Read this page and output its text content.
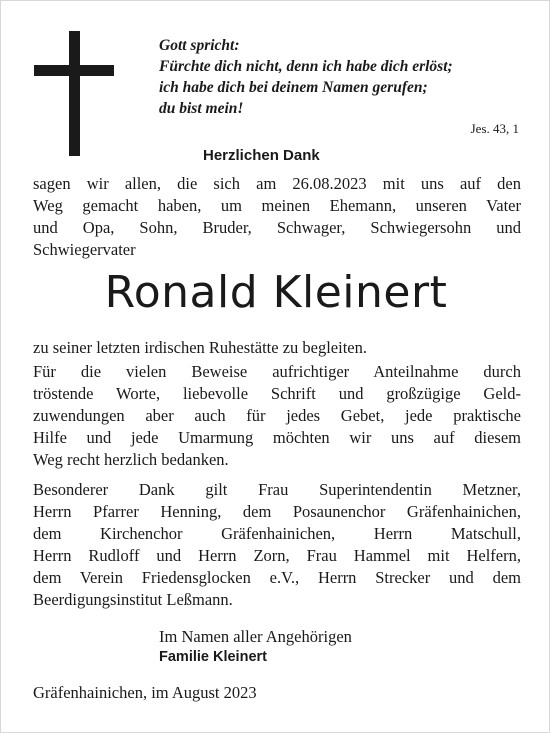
Gott spricht:
Fürchte dich nicht, denn ich habe dich erlöst;
ich habe dich bei deinem Namen gerufen;
du bist mein!
Jes. 43, 1
Herzlichen Dank
sagen wir allen, die sich am 26.08.2023 mit uns auf den
Weg gemacht haben, um meinen Ehemann, unseren Vater
und Opa, Sohn, Bruder, Schwager, Schwiegersohn und
Schwiegervater
Ronald Kleinert
zu seiner letzten irdischen Ruhestätte zu begleiten.
Für die vielen Beweise aufrichtiger Anteilnahme durch
tröstende Worte, liebevolle Schrift und großzügige Geld-
zuwendungen aber auch für jedes Gebet, jede praktische
Hilfe und jede Umarmung möchten wir uns auf diesem
Weg recht herzlich bedanken.
Besonderer Dank gilt Frau Superintendentin Metzner,
Herrn Pfarrer Henning, dem Posaunenchor Gräfenhainichen,
dem Kirchenchor Gräfenhainichen, Herrn Matschull,
Herrn Rudloff und Herrn Zorn, Frau Hammel mit Helfern,
dem Verein Friedensglocken e.V., Herrn Strecker und dem
Beerdigungsinstitut Leßmann.
Im Namen aller Angehörigen
Familie Kleinert
Gräfenhainichen, im August 2023
